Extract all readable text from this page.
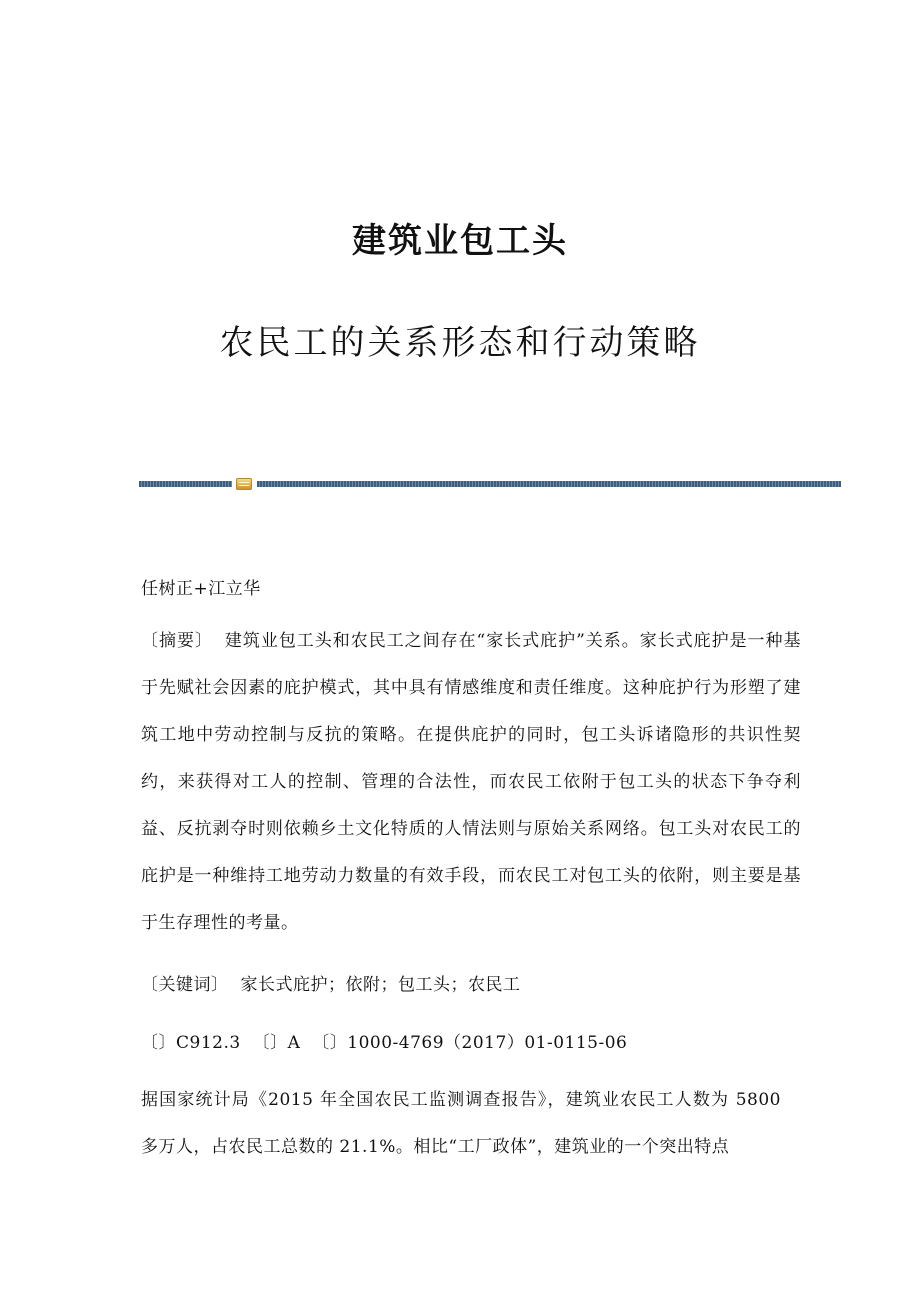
建筑业包工头
农民工的关系形态和行动策略

任树正+江立华

〔摘要〕 建筑业包工头和农民工之间存在“家长式庇护”关系。家长式庇护是一种基于先赋社会因素的庇护模式，其中具有情感维度和责任维度。这种庇护行为形塑了建筑工地中劳动控制与反抗的策略。在提供庇护的同时，包工头诉诸隐形的共识性契约，来获得对工人的控制、管理的合法性，而农民工依附于包工头的状态下争夺利益、反抗剥夺时则依赖乡土文化特质的人情法则与原始关系网络。包工头对农民工的庇护是一种维持工地劳动力数量的有效手段，而农民工对包工头的依附，则主要是基于生存理性的考量。

〔关键词〕 家长式庇护；依附；包工头；农民工

〔〕C912.3 〔〕A 〔〕1000-4769（2017）01-0115-06

据国家统计局《2015 年全国农民工监测调查报告》，建筑业农民工人数为 5800 多万人，占农民工总数的 21.1%。相比“工厂政体”，建筑业的一个突出特点
